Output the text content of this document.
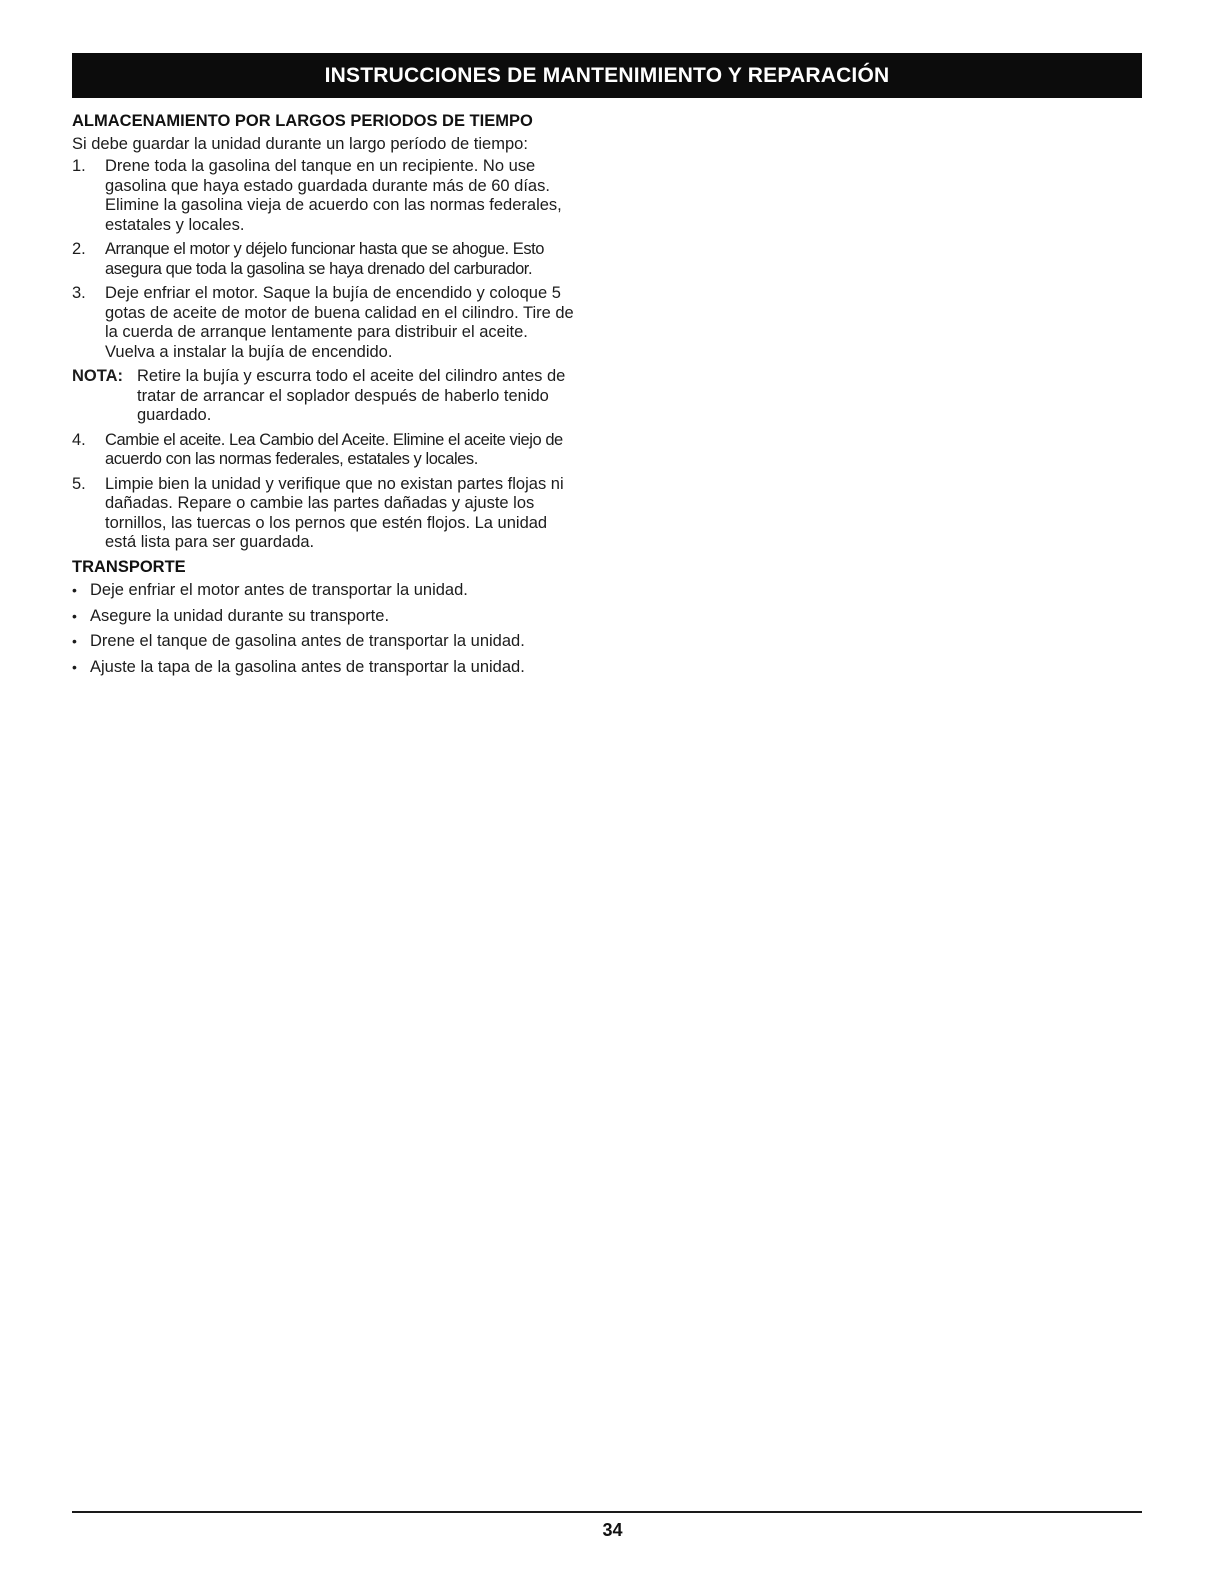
INSTRUCCIONES DE MANTENIMIENTO Y REPARACIÓN
ALMACENAMIENTO POR LARGOS PERIODOS DE TIEMPO
Si debe guardar la unidad durante un largo período de tiempo:
1.	Drene toda la gasolina del tanque en un recipiente. No use gasolina que haya estado guardada durante más de 60 días. Elimine la gasolina vieja de acuerdo con las normas federales, estatales y locales.
2.	Arranque el motor y déjelo funcionar hasta que se ahogue. Esto asegura que toda la gasolina se haya drenado del carburador.
3.	Deje enfriar el motor. Saque la bujía de encendido y coloque 5 gotas de aceite de motor de buena calidad en el cilindro. Tire de la cuerda de arranque lentamente para distribuir el aceite. Vuelva a instalar la bujía de encendido.
NOTA: Retire la bujía y escurra todo el aceite del cilindro antes de tratar de arrancar el soplador después de haberlo tenido guardado.
4.	Cambie el aceite. Lea Cambio del Aceite. Elimine el aceite viejo de acuerdo con las normas federales, estatales y locales.
5.	Limpie bien la unidad y verifique que no existan partes flojas ni dañadas. Repare o cambie las partes dañadas y ajuste los tornillos, las tuercas o los pernos que estén flojos. La unidad está lista para ser guardada.
TRANSPORTE
• Deje enfriar el motor antes de transportar la unidad.
• Asegure la unidad durante su transporte.
• Drene el tanque de gasolina antes de transportar la unidad.
• Ajuste la tapa de la gasolina antes de transportar la unidad.
34
